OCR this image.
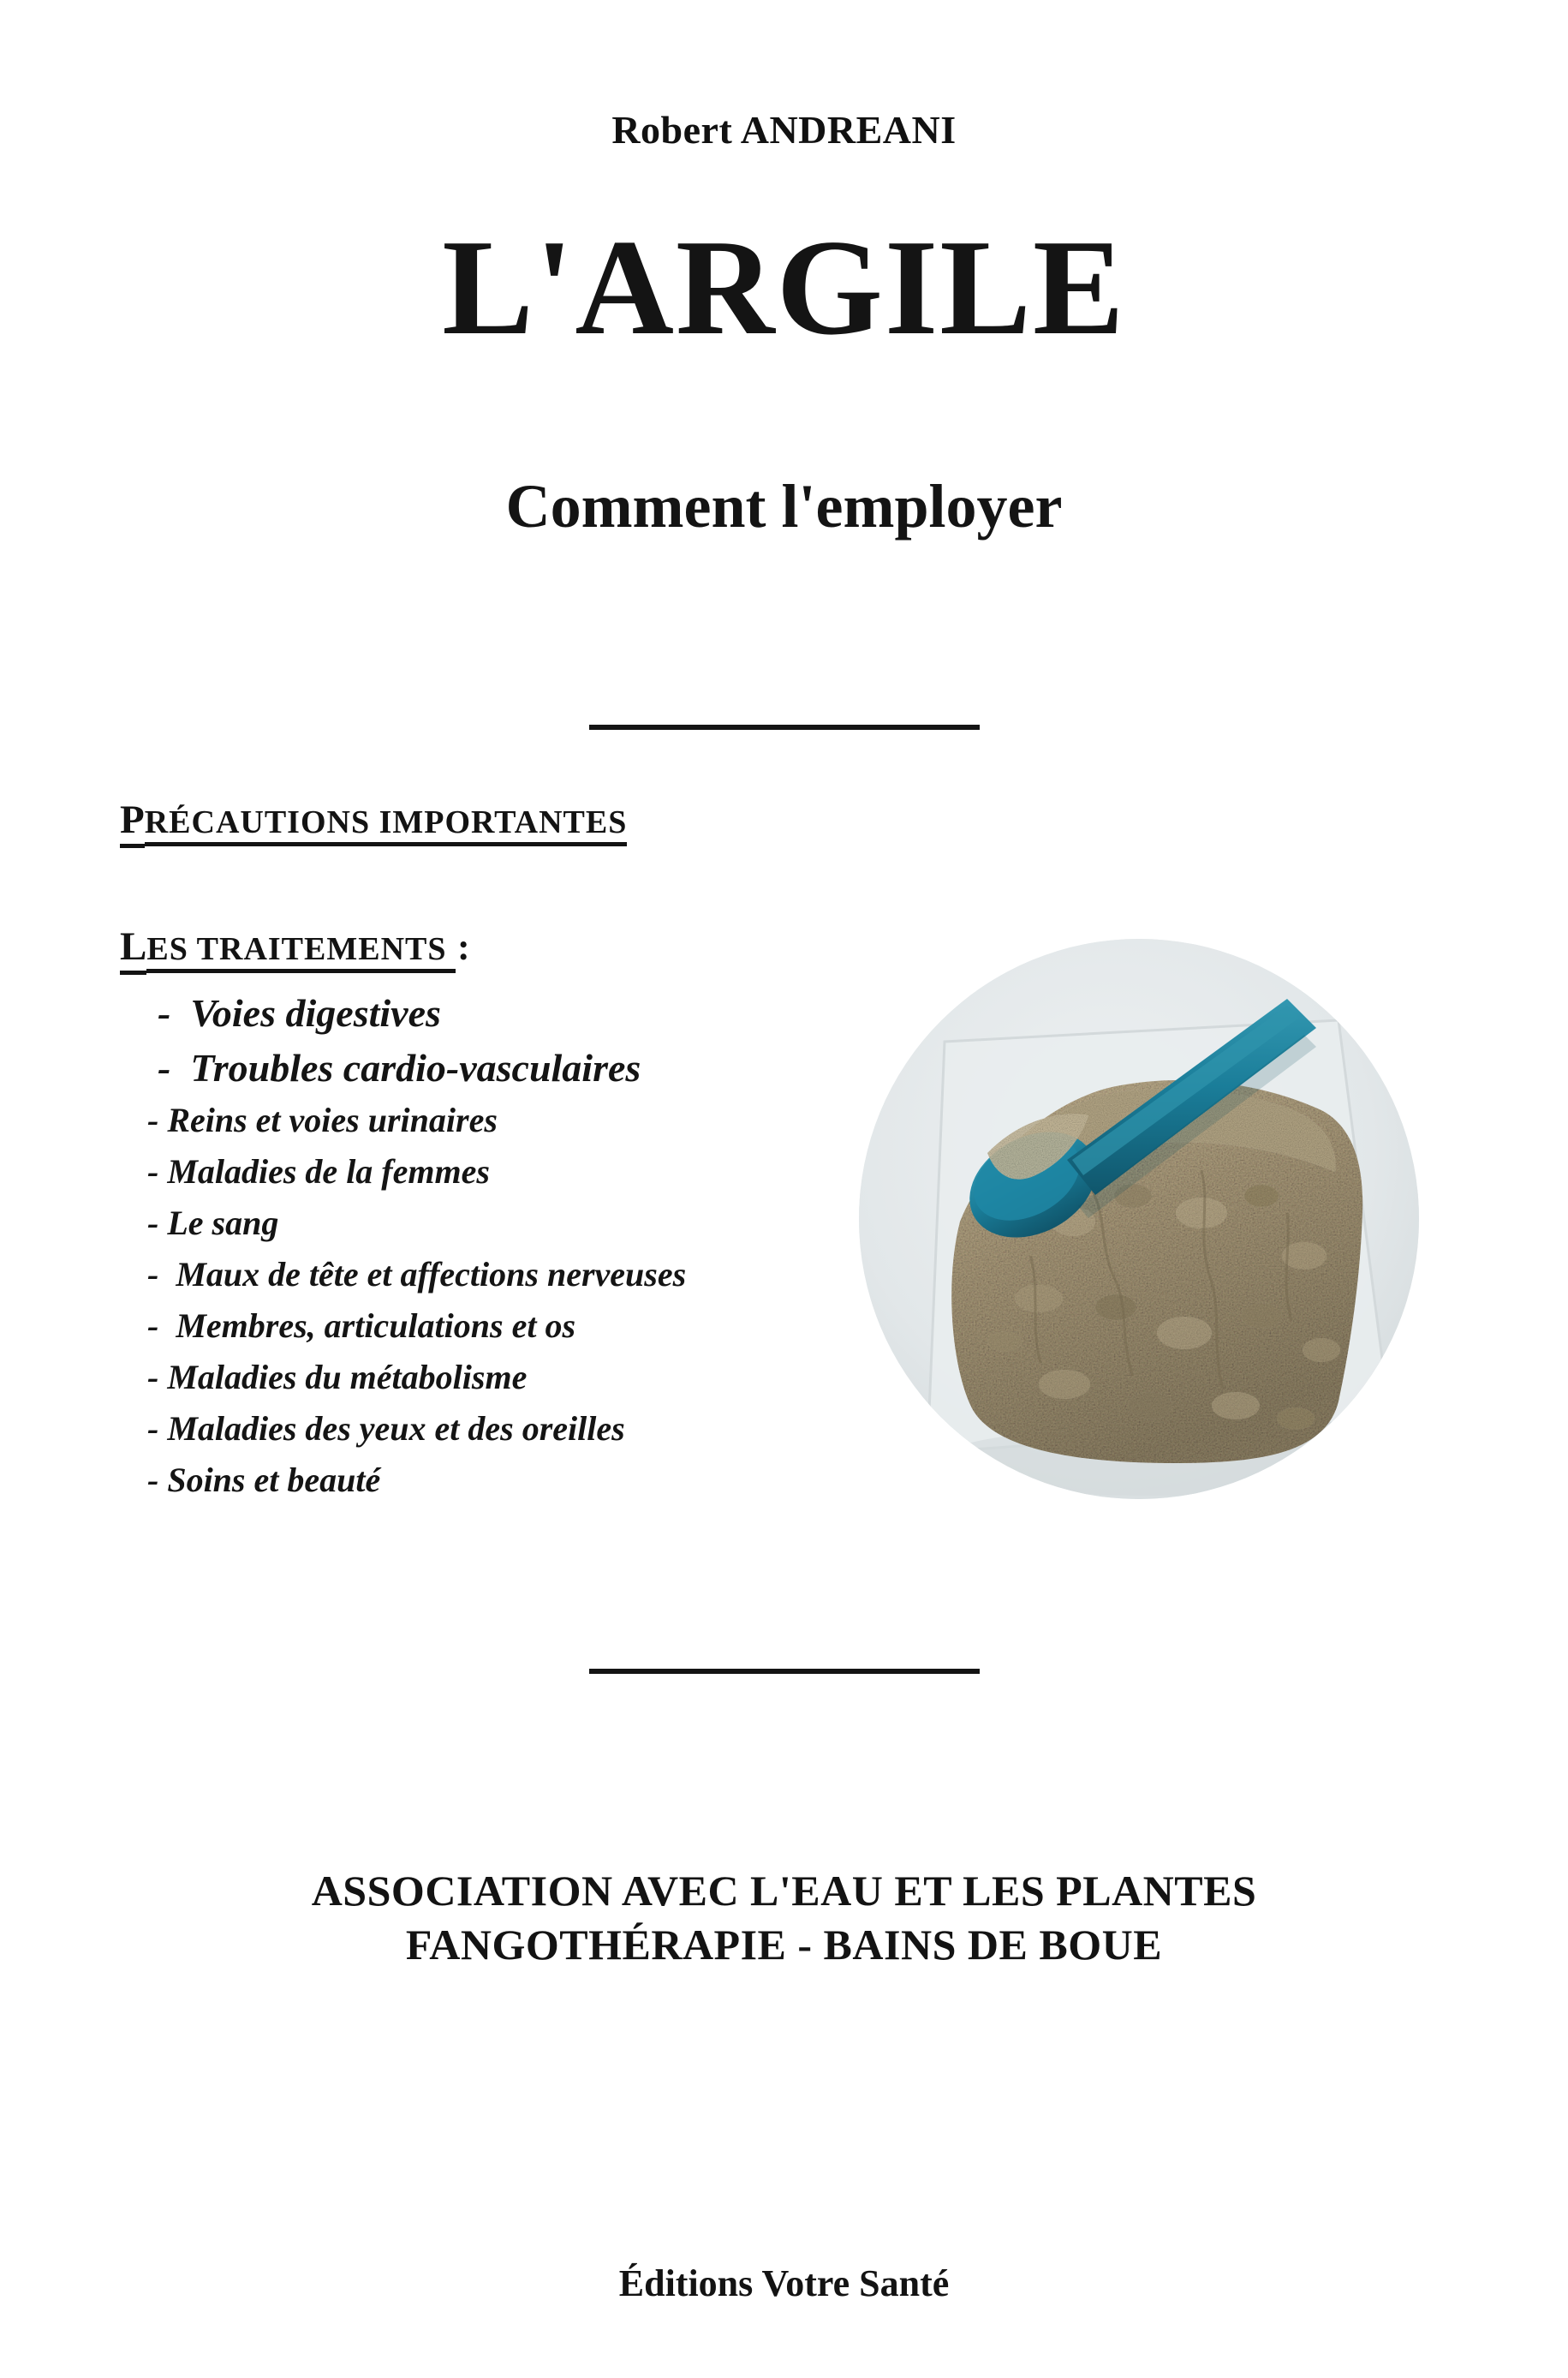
Robert ANDREANI
L'ARGILE
Comment l'employer
PRÉCAUTIONS IMPORTANTES
LES TRAITEMENTS :
-  Voies digestives
-  Troubles cardio-vasculaires
- Reins et voies urinaires
- Maladies de la femmes
- Le sang
-  Maux de tête et affections nerveuses
-  Membres, articulations et os
- Maladies du métabolisme
- Maladies des yeux et des oreilles
- Soins et beauté
ASSOCIATION AVEC L'EAU ET LES PLANTES
FANGOTHÉRAPIE - BAINS DE BOUE
Éditions Votre Santé
